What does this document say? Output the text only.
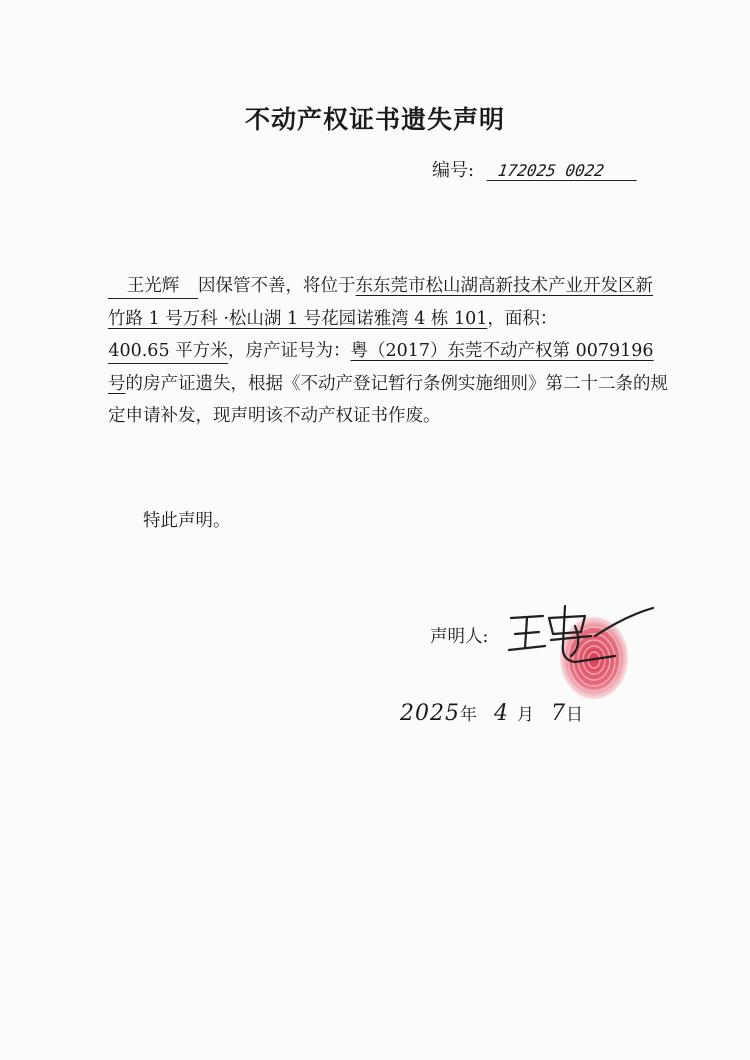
不动产权证书遗失声明
编号: 172025 0022
王光辉 因保管不善，将位于东东莞市松山湖高新技术产业开发区新竹路 1 号万科 ·松山湖 1 号花园诺雅湾 4 栋 101，面积：400.65 平方米，房产证号为：粤（2017）东莞不动产权第 0079196 号的房产证遗失，根据《不动产登记暂行条例实施细则》第二十二条的规定申请补发，现声明该不动产权证书作废。
特此声明。
声明人:
2025年 4 月 7日
